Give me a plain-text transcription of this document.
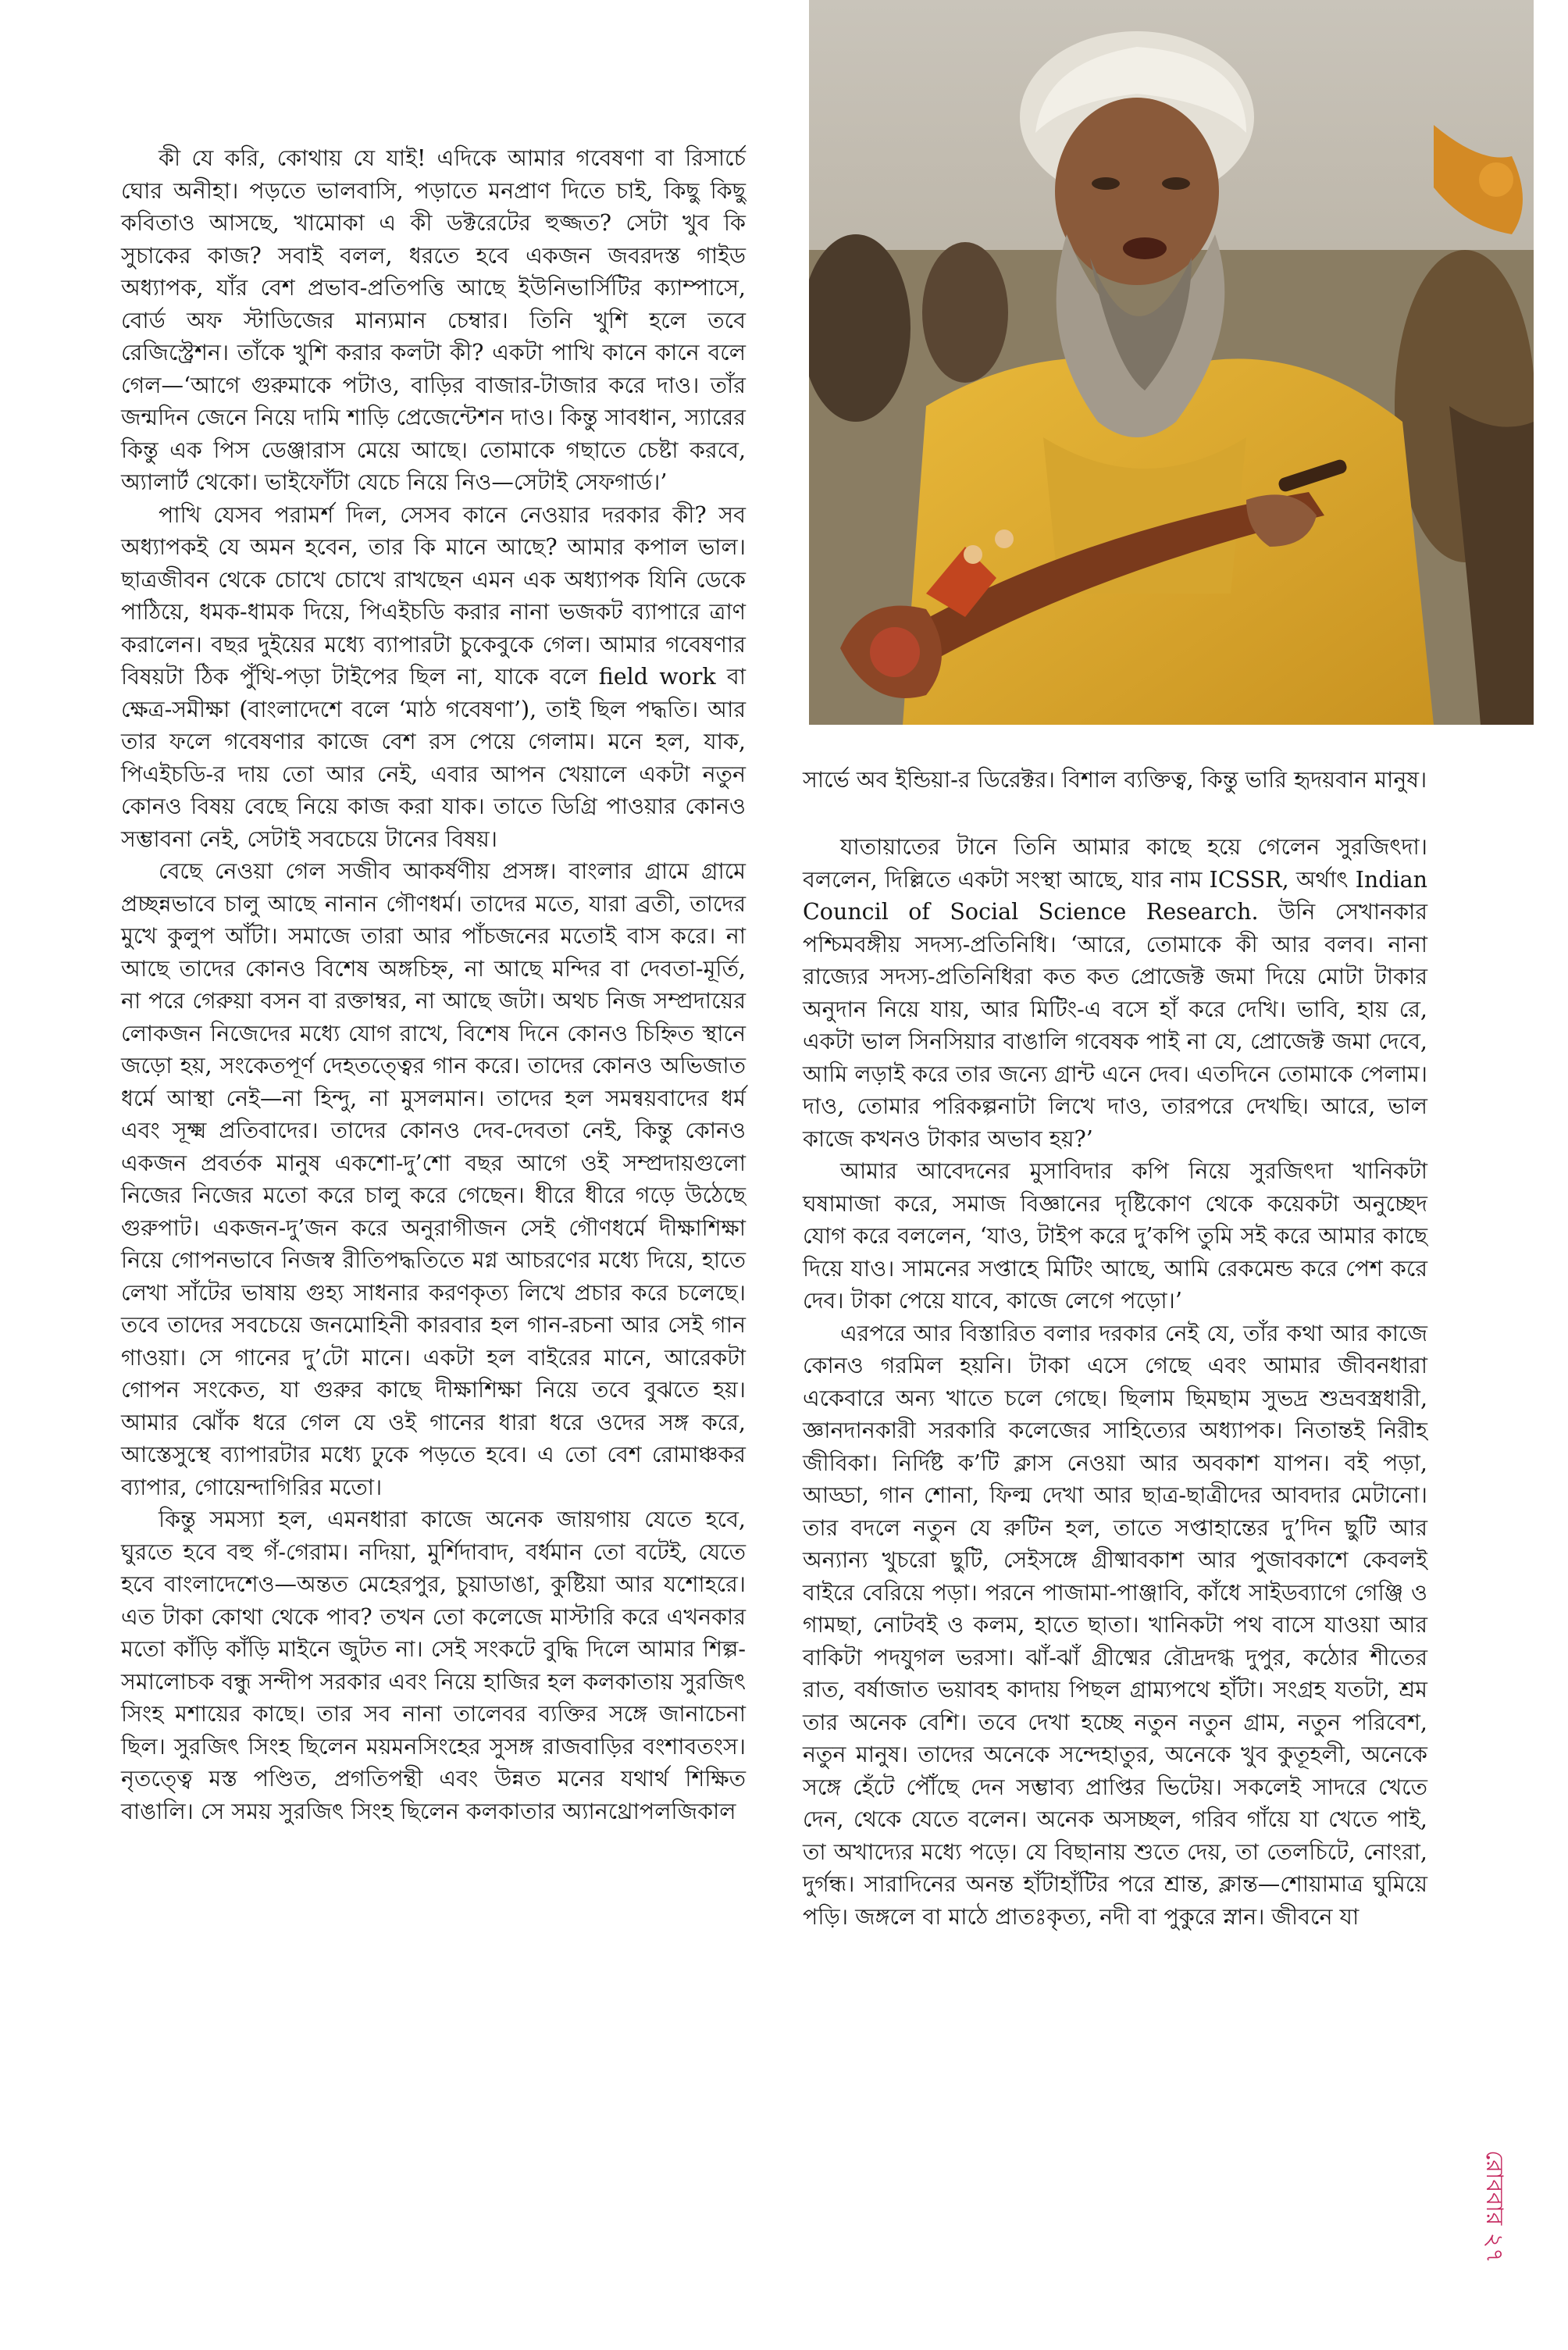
কী যে করি, কোথায় যে যাই! এদিকে আমার গবেষণা বা রিসার্চে ঘোর অনীহা। পড়তে ভালবাসি, পড়াতে মনপ্রাণ দিতে চাই, কিছু কিছু কবিতাও আসছে, খামোকা এ কী ডক্টরেটের হুজ্জত? সেটা খুব কি সুচাকের কাজ? সবাই বলল, ধরতে হবে একজন জবরদস্ত গাইড অধ্যাপক, যাঁর বেশ প্রভাব-প্রতিপত্তি আছে ইউনিভার্সিটির ক্যাম্পাসে, বোর্ড অফ স্টাডিজের মান্যমান চেম্বার। তিনি খুশি হলে তবে রেজিস্ট্রেশন। তাঁকে খুশি করার কলটা কী? একটা পাখি কানে কানে বলে গেল—‘আগে গুরুমাকে পটাও, বাড়ির বাজার-টাজার করে দাও। তাঁর জন্মদিন জেনে নিয়ে দামি শাড়ি প্রেজেন্টেশন দাও। কিন্তু সাবধান, স্যারের কিন্তু এক পিস ডেঞ্জারাস মেয়ে আছে। তোমাকে গছাতে চেষ্টা করবে, অ্যালার্ট থেকো। ভাইফোঁটা যেচে নিয়ে নিও—সেটাই সেফগার্ড।’

পাখি যেসব পরামর্শ দিল, সেসব কানে নেওয়ার দরকার কী? সব অধ্যাপকই যে অমন হবেন, তার কি মানে আছে? আমার কপাল ভাল। ছাত্রজীবন থেকে চোখে চোখে রাখছেন এমন এক অধ্যাপক যিনি ডেকে পাঠিয়ে, ধমক-ধামক দিয়ে, পিএইচডি করার নানা ভজকট ব্যাপারে ত্রাণ করালেন। বছর দুইয়ের মধ্যে ব্যাপারটা চুকেবুকে গেল। আমার গবেষণার বিষয়টা ঠিক পুঁথি-পড়া টাইপের ছিল না, যাকে বলে field work বা ক্ষেত্র-সমীক্ষা (বাংলাদেশে বলে ‘মাঠ গবেষণা’), তাই ছিল পদ্ধতি। আর তার ফলে গবেষণার কাজে বেশ রস পেয়ে গেলাম। মনে হল, যাক, পিএইচডি-র দায় তো আর নেই, এবার আপন খেয়ালে একটা নতুন কোনও বিষয় বেছে নিয়ে কাজ করা যাক। তাতে ডিগ্রি পাওয়ার কোনও সম্ভাবনা নেই, সেটাই সবচেয়ে টানের বিষয়।

বেছে নেওয়া গেল সজীব আকর্ষণীয় প্রসঙ্গ। বাংলার গ্রামে গ্রামে প্রচ্ছন্নভাবে চালু আছে নানান গৌণধর্ম। তাদের মতে, যারা ব্রতী, তাদের মুখে কুলুপ আঁটা। সমাজে তারা আর পাঁচজনের মতোই বাস করে। না আছে তাদের কোনও বিশেষ অঙ্গচিহ্ন, না আছে মন্দির বা দেবতা-মূর্তি, না পরে গেরুয়া বসন বা রক্তাম্বর, না আছে জটা। অথচ নিজ সম্প্রদায়ের লোকজন নিজেদের মধ্যে যোগ রাখে, বিশেষ দিনে কোনও চিহ্নিত স্থানে জড়ো হয়, সংকেতপূর্ণ দেহতত্ত্বের গান করে। তাদের কোনও অভিজাত ধর্মে আস্থা নেই—না হিন্দু, না মুসলমান। তাদের হল সমন্বয়বাদের ধর্ম এবং সূক্ষ্ম প্রতিবাদের। তাদের কোনও দেব-দেবতা নেই, কিন্তু কোনও একজন প্রবর্তক মানুষ একশো-দু’শো বছর আগে ওই সম্প্রদায়গুলো নিজের নিজের মতো করে চালু করে গেছেন। ধীরে ধীরে গড়ে উঠেছে গুরুপাট। একজন-দু’জন করে অনুরাগীজন সেই গৌণধর্মে দীক্ষাশিক্ষা নিয়ে গোপনভাবে নিজস্ব রীতিপদ্ধতিতে মগ্ন আচরণের মধ্যে দিয়ে, হাতে লেখা সাঁটের ভাষায় গুহ্য সাধনার করণকৃত্য লিখে প্রচার করে চলেছে। তবে তাদের সবচেয়ে জনমোহিনী কারবার হল গান-রচনা আর সেই গান গাওয়া। সে গানের দু’টো মানে। একটা হল বাইরের মানে, আরেকটা গোপন সংকেত, যা গুরুর কাছে দীক্ষাশিক্ষা নিয়ে তবে বুঝতে হয়। আমার ঝোঁক ধরে গেল যে ওই গানের ধারা ধরে ওদের সঙ্গ করে, আস্তেসুস্থে ব্যাপারটার মধ্যে ঢুকে পড়তে হবে। এ তো বেশ রোমাঞ্চকর ব্যাপার, গোয়েন্দাগিরির মতো।

কিন্তু সমস্যা হল, এমনধারা কাজে অনেক জায়গায় যেতে হবে, ঘুরতে হবে বহু গঁ-গেরাম। নদিয়া, মুর্শিদাবাদ, বর্ধমান তো বটেই, যেতে হবে বাংলাদেশেও—অন্তত মেহেরপুর, চুয়াডাঙা, কুষ্টিয়া আর যশোহরে। এত টাকা কোথা থেকে পাব? তখন তো কলেজে মাস্টারি করে এখনকার মতো কাঁড়ি কাঁড়ি মাইনে জুটত না। সেই সংকটে বুদ্ধি দিলে আমার শিল্প-সমালোচক বন্ধু সন্দীপ সরকার এবং নিয়ে হাজির হল কলকাতায় সুরজিৎ সিংহ মশায়ের কাছে। তার সব নানা তালেবর ব্যক্তির সঙ্গে জানাচেনা ছিল। সুরজিৎ সিংহ ছিলেন ময়মনসিংহের সুসঙ্গ রাজবাড়ির বংশাবতংস। নৃতত্ত্বে মস্ত পণ্ডিত, প্রগতিপন্থী এবং উন্নত মনের যথার্থ শিক্ষিত বাঙালি। সে সময় সুরজিৎ সিংহ ছিলেন কলকাতার অ্যানথ্রোপলজিকাল

সার্ভে অব ইন্ডিয়া-র ডিরেক্টর। বিশাল ব্যক্তিত্ব, কিন্তু ভারি হৃদয়বান মানুষ।

যাতায়াতের টানে তিনি আমার কাছে হয়ে গেলেন সুরজিৎদা। বললেন, দিল্লিতে একটা সংস্থা আছে, যার নাম ICSSR, অর্থাৎ Indian Council of Social Science Research. উনি সেখানকার পশ্চিমবঙ্গীয় সদস্য-প্রতিনিধি। ‘আরে, তোমাকে কী আর বলব। নানা রাজ্যের সদস্য-প্রতিনিধিরা কত কত প্রোজেক্ট জমা দিয়ে মোটা টাকার অনুদান নিয়ে যায়, আর মিটিং-এ বসে হাঁ করে দেখি। ভাবি, হায় রে, একটা ভাল সিনসিয়ার বাঙালি গবেষক পাই না যে, প্রোজেক্ট জমা দেবে, আমি লড়াই করে তার জন্যে গ্রান্ট এনে দেব। এতদিনে তোমাকে পেলাম। দাও, তোমার পরিকল্পনাটা লিখে দাও, তারপরে দেখছি। আরে, ভাল কাজে কখনও টাকার অভাব হয়?’

আমার আবেদনের মুসাবিদার কপি নিয়ে সুরজিৎদা খানিকটা ঘষামাজা করে, সমাজ বিজ্ঞানের দৃষ্টিকোণ থেকে কয়েকটা অনুচ্ছেদ যোগ করে বললেন, ‘যাও, টাইপ করে দু’কপি তুমি সই করে আমার কাছে দিয়ে যাও। সামনের সপ্তাহে মিটিং আছে, আমি রেকমেন্ড করে পেশ করে দেব। টাকা পেয়ে যাবে, কাজে লেগে পড়ো।’

এরপরে আর বিস্তারিত বলার দরকার নেই যে, তাঁর কথা আর কাজে কোনও গরমিল হয়নি। টাকা এসে গেছে এবং আমার জীবনধারা একেবারে অন্য খাতে চলে গেছে। ছিলাম ছিমছাম সুভদ্র শুভ্রবস্ত্রধারী, জ্ঞানদানকারী সরকারি কলেজের সাহিত্যের অধ্যাপক। নিতান্তই নিরীহ জীবিকা। নির্দিষ্ট ক’টি ক্লাস নেওয়া আর অবকাশ যাপন। বই পড়া, আড্ডা, গান শোনা, ফিল্ম দেখা আর ছাত্র-ছাত্রীদের আবদার মেটানো। তার বদলে নতুন যে রুটিন হল, তাতে সপ্তাহান্তের দু’দিন ছুটি আর অন্যান্য খুচরো ছুটি, সেইসঙ্গে গ্রীষ্মাবকাশ আর পুজাবকাশে কেবলই বাইরে বেরিয়ে পড়া। পরনে পাজামা-পাঞ্জাবি, কাঁধে সাইডব্যাগে গেঞ্জি ও গামছা, নোটবই ও কলম, হাতে ছাতা। খানিকটা পথ বাসে যাওয়া আর বাকিটা পদযুগল ভরসা। ঝাঁ-ঝাঁ গ্রীষ্মের রৌদ্রদগ্ধ দুপুর, কঠোর শীতের রাত, বর্ষাজাত ভয়াবহ কাদায় পিছল গ্রাম্যপথে হাঁটা। সংগ্রহ যতটা, শ্রম তার অনেক বেশি। তবে দেখা হচ্ছে নতুন নতুন গ্রাম, নতুন পরিবেশ, নতুন মানুষ। তাদের অনেকে সন্দেহাতুর, অনেকে খুব কুতূহলী, অনেকে সঙ্গে হেঁটে পৌঁছে দেন সম্ভাব্য প্রাপ্তির ভিটেয়। সকলেই সাদরে খেতে দেন, থেকে যেতে বলেন। অনেক অসচ্ছল, গরিব গাঁয়ে যা খেতে পাই, তা অখাদ্যের মধ্যে পড়ে। যে বিছানায় শুতে দেয়, তা তেলচিটে, নোংরা, দুর্গন্ধ। সারাদিনের অনন্ত হাঁটাহাঁটির পরে শ্রান্ত, ক্লান্ত—শোয়ামাত্র ঘুমিয়ে পড়ি। জঙ্গলে বা মাঠে প্রাতঃকৃত্য, নদী বা পুকুরে স্নান। জীবনে যা

রোববার ২৭
